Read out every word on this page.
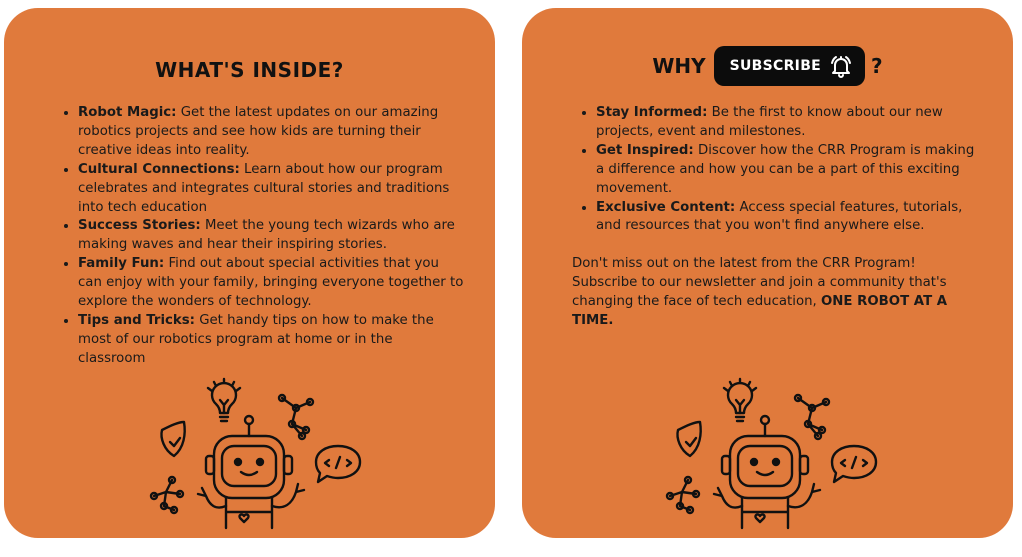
WHAT'S INSIDE?
• Robot Magic: Get the latest updates on our amazing robotics projects and see how kids are turning their creative ideas into reality.
• Cultural Connections: Learn about how our program celebrates and integrates cultural stories and traditions into tech education
• Success Stories: Meet the young tech wizards who are making waves and hear their inspiring stories.
• Family Fun: Find out about special activities that you can enjoy with your family, bringing everyone together to explore the wonders of technology.
• Tips and Tricks: Get handy tips on how to make the most of our robotics program at home or in the classroom
WHY SUBSCRIBE	?
• Stay Informed: Be the first to know about our new projects, event and milestones.
• Get Inspired: Discover how the CRR Program is making a difference and how you can be a part of this exciting movement.
• Exclusive Content: Access special features, tutorials, and resources that you won't find anywhere else.

Don't miss out on the latest from the CRR Program! Subscribe to our newsletter and join a community that's changing the face of tech education, ONE ROBOT AT A TIME.
